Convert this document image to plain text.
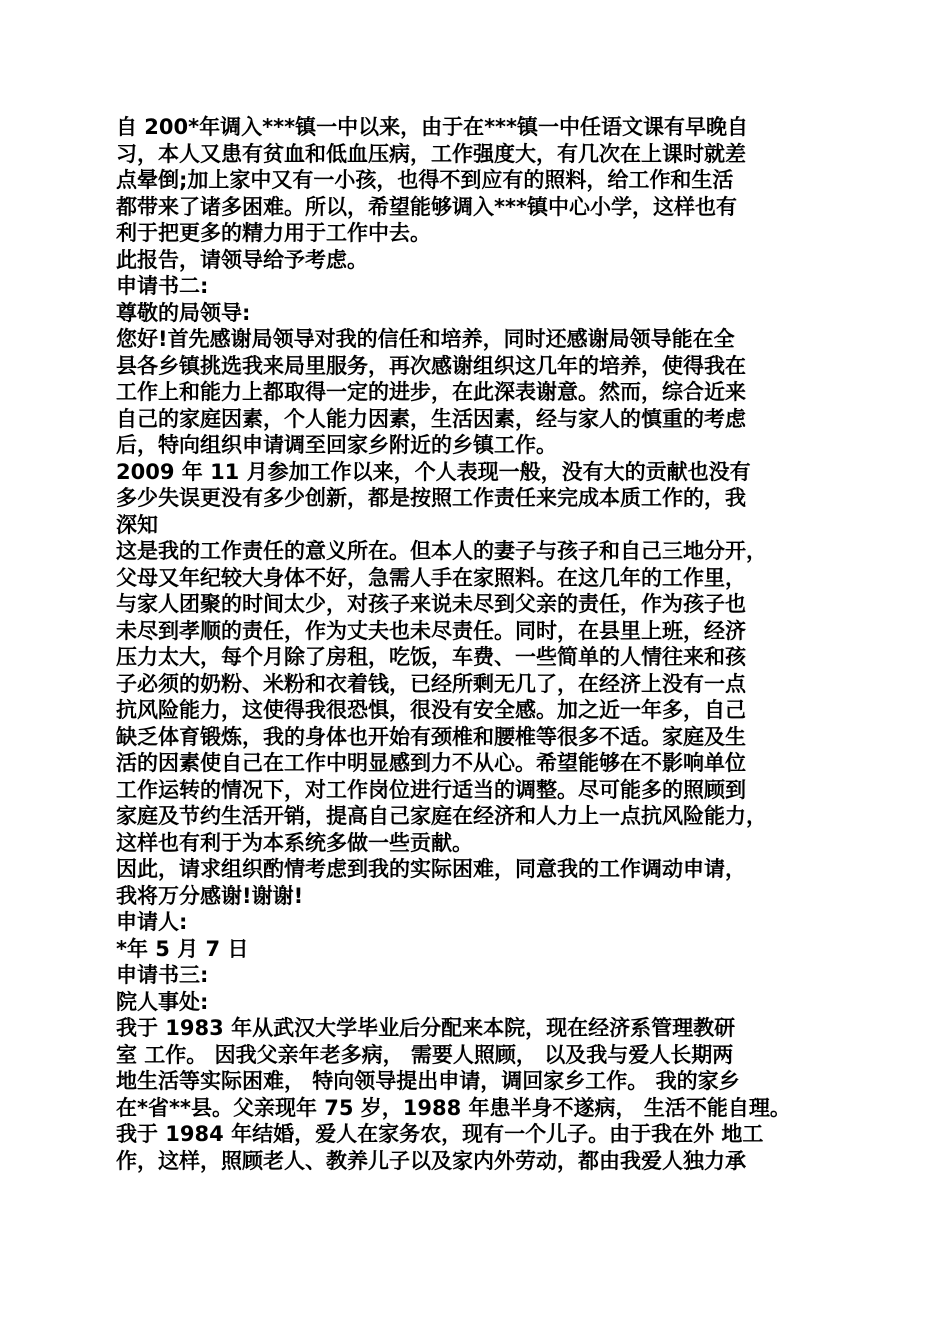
自 200*年调入***镇一中以来，由于在***镇一中任语文课有早晚自
习，本人又患有贫血和低血压病，工作强度大，有几次在上课时就差
点晕倒;加上家中又有一小孩，也得不到应有的照料，给工作和生活
都带来了诸多困难。所以，希望能够调入***镇中心小学，这样也有
利于把更多的精力用于工作中去。
此报告，请领导给予考虑。
申请书二:
尊敬的局领导:
您好!首先感谢局领导对我的信任和培养，同时还感谢局领导能在全
县各乡镇挑选我来局里服务，再次感谢组织这几年的培养，使得我在
工作上和能力上都取得一定的进步，在此深表谢意。然而，综合近来
自己的家庭因素，个人能力因素，生活因素，经与家人的慎重的考虑
后，特向组织申请调至回家乡附近的乡镇工作。
2009 年 11 月参加工作以来，个人表现一般，没有大的贡献也没有
多少失误更没有多少创新，都是按照工作责任来完成本质工作的，我
深知
这是我的工作责任的意义所在。但本人的妻子与孩子和自己三地分开，
父母又年纪较大身体不好，急需人手在家照料。在这几年的工作里，
与家人团聚的时间太少，对孩子来说未尽到父亲的责任，作为孩子也
未尽到孝顺的责任，作为丈夫也未尽责任。同时，在县里上班，经济
压力太大，每个月除了房租，吃饭，车费、一些简单的人情往来和孩
子必须的奶粉、米粉和衣着钱，已经所剩无几了，在经济上没有一点
抗风险能力，这使得我很恐惧，很没有安全感。加之近一年多，自己
缺乏体育锻炼，我的身体也开始有颈椎和腰椎等很多不适。家庭及生
活的因素使自己在工作中明显感到力不从心。希望能够在不影响单位
工作运转的情况下，对工作岗位进行适当的调整。尽可能多的照顾到
家庭及节约生活开销，提高自己家庭在经济和人力上一点抗风险能力，
这样也有利于为本系统多做一些贡献。
因此，请求组织酌情考虑到我的实际困难，同意我的工作调动申请，
我将万分感谢!谢谢!
申请人:
*年 5 月 7 日
申请书三:
院人事处:
我于 1983 年从武汉大学毕业后分配来本院，现在经济系管理教研
室 工作。 因我父亲年老多病， 需要人照顾， 以及我与爱人长期两
地生活等实际困难， 特向领导提出申请，调回家乡工作。 我的家乡
在*省**县。父亲现年 75 岁，1988 年患半身不遂病， 生活不能自理。
我于 1984 年结婚，爱人在家务农，现有一个儿子。由于我在外 地工
作，这样，照顾老人、教养儿子以及家内外劳动，都由我爱人独力承
